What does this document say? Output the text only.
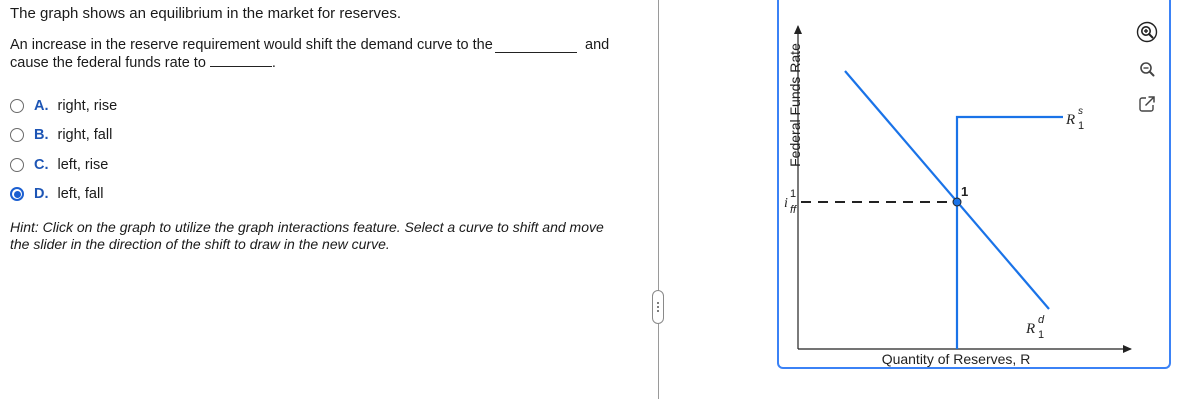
The graph shows an equilibrium in the market for reserves.
An increase in the reserve requirement would shift the demand curve to the	and
cause the federal funds rate to	.
A. right, rise
B. right, fall
C. left, rise
D. left, fall
Hint: Click on the graph to utilize the graph interactions feature. Select a curve to shift and move
the slider in the direction of the shift to draw in the new curve.
Federal Funds Rate
i
1
ff
1
R
s
1
R
d
1
Quantity of Reserves, R
